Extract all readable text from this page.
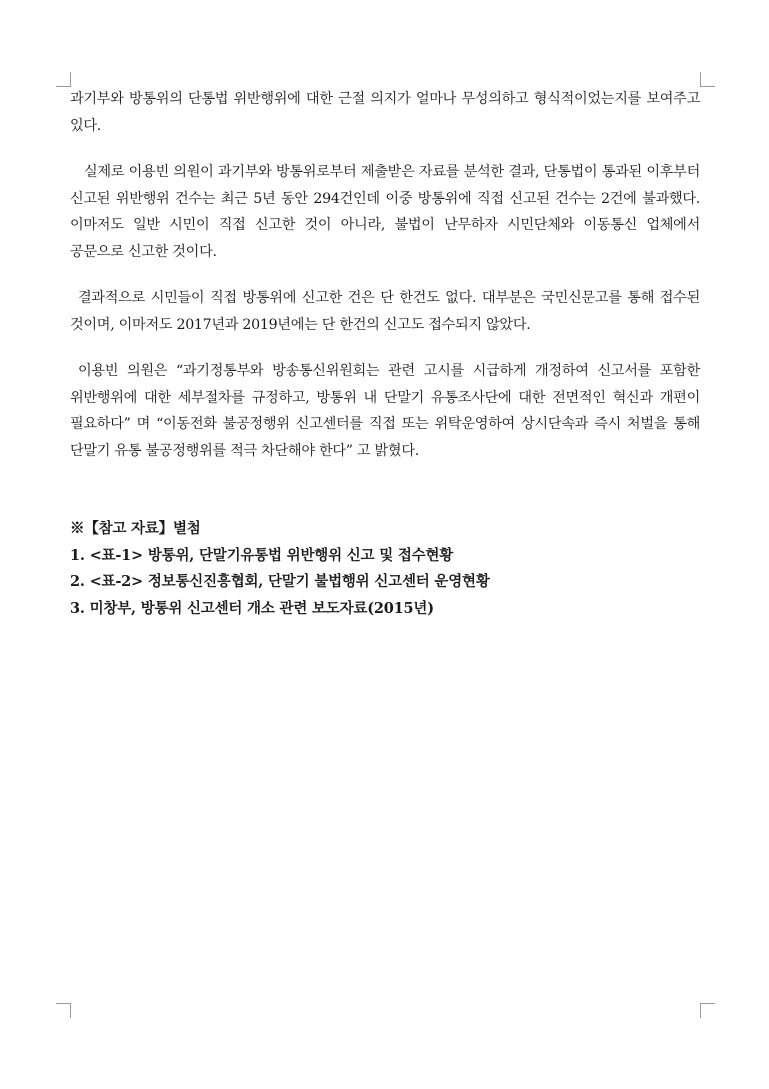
과기부와 방통위의 단통법 위반행위에 대한 근절 의지가 얼마나 무성의하고 형식적이었는지를 보여주고 있다.

실제로 이용빈 의원이 과기부와 방통위로부터 제출받은 자료를 분석한 결과, 단통법이 통과된 이후부터 신고된 위반행위 건수는 최근 5년 동안 294건인데 이중 방통위에 직접 신고된 건수는 2건에 불과했다. 이마저도 일반 시민이 직접 신고한 것이 아니라, 불법이 난무하자 시민단체와 이동통신 업체에서 공문으로 신고한 것이다.

결과적으로 시민들이 직접 방통위에 신고한 건은 단 한건도 없다. 대부분은 국민신문고를 통해 접수된 것이며, 이마저도 2017년과 2019년에는 단 한건의 신고도 접수되지 않았다.

이용빈 의원은 “과기정통부와 방송통신위원회는 관련 고시를 시급하게 개정하여 신고서를 포함한 위반행위에 대한 세부절차를 규정하고, 방통위 내 단말기 유통조사단에 대한 전면적인 혁신과 개편이 필요하다” 며 “이동전화 불공정행위 신고센터를 직접 또는 위탁운영하여 상시단속과 즉시 처벌을 통해 단말기 유통 불공정행위를 적극 차단해야 한다” 고 밝혔다.

※【참고 자료】별첨

1. <표-1> 방통위, 단말기유통법 위반행위 신고 및 접수현황

2. <표-2> 정보통신진흥협회, 단말기 불법행위 신고센터 운영현황

3. 미창부, 방통위 신고센터 개소 관련 보도자료(2015년)
